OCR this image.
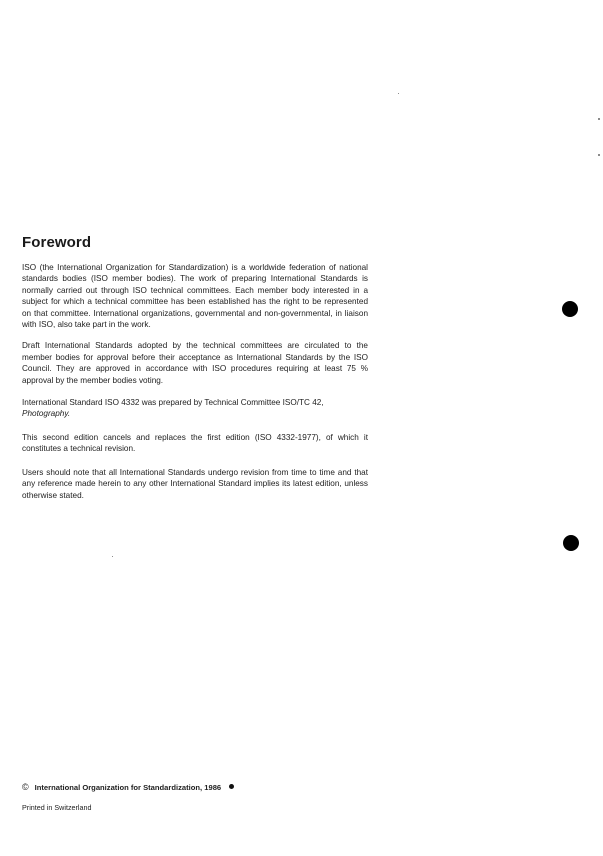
Foreword

ISO (the International Organization for Standardization) is a worldwide federation of national standards bodies (ISO member bodies). The work of preparing International Standards is normally carried out through ISO technical committees. Each member body interested in a subject for which a technical committee has been established has the right to be represented on that committee. International organizations, governmental and non-governmental, in liaison with ISO, also take part in the work.

Draft International Standards adopted by the technical committees are circulated to the member bodies for approval before their acceptance as International Standards by the ISO Council. They are approved in accordance with ISO procedures requiring at least 75 % approval by the member bodies voting.

International Standard ISO 4332 was prepared by Technical Committee ISO/TC 42,
Photography.

This second edition cancels and replaces the first edition (ISO 4332-1977), of which it constitutes a technical revision.

Users should note that all International Standards undergo revision from time to time and that any reference made herein to any other International Standard implies its latest edition, unless otherwise stated.

© International Organization for Standardization, 1986
Printed in Switzerland
